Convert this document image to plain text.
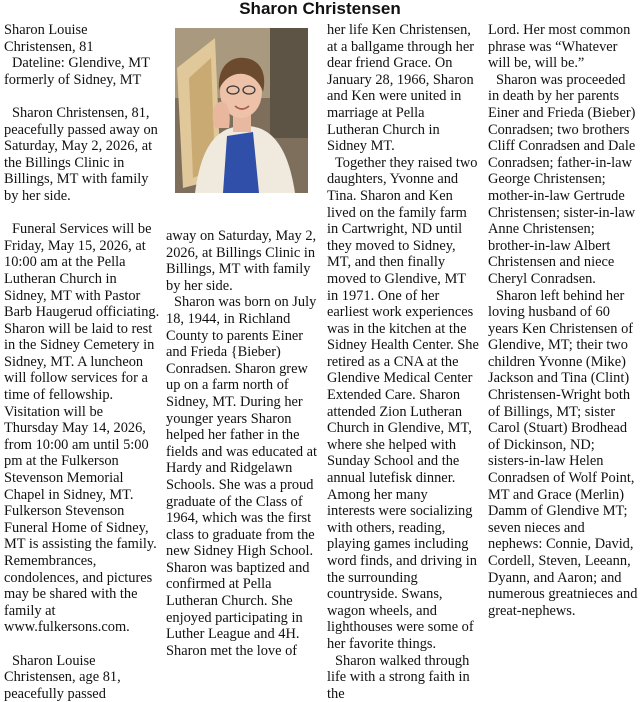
Sharon Christensen

Sharon Louise Christensen, 81

Dateline: Glendive, MT formerly of Sidney, MT

Sharon Christensen, 81, peacefully passed away on Saturday, May 2, 2026, at the Billings Clinic in Billings, MT with family by her side.

Funeral Services will be Friday, May 15, 2026, at 10:00 am at the Pella Lutheran Church in Sidney, MT with Pastor Barb Haugerud officiating. Sharon will be laid to rest in the Sidney Cemetery in Sidney, MT. A luncheon will follow services for a time of fellowship. Visitation will be Thursday May 14, 2026, from 10:00 am until 5:00 pm at the Fulkerson Stevenson Memorial Chapel in Sidney, MT. Fulkerson Stevenson Funeral Home of Sidney, MT is assisting the family. Remembrances, condolences, and pictures may be shared with the family at www.fulkersons.com.

Sharon Louise Christensen, age 81, peacefully passed

away on Saturday, May 2, 2026, at Billings Clinic in Billings, MT with family by her side.

Sharon was born on July 18, 1944, in Richland County to parents Einer and Frieda {Bieber) Conradsen. Sharon grew up on a farm north of Sidney, MT. During her younger years Sharon helped her father in the fields and was educated at Hardy and Ridgelawn Schools. She was a proud graduate of the Class of 1964, which was the first class to graduate from the new Sidney High School. Sharon was baptized and confirmed at Pella Lutheran Church. She enjoyed participating in Luther League and 4H. Sharon met the love of

her life Ken Christensen, at a ballgame through her dear friend Grace. On January 28, 1966, Sharon and Ken were united in marriage at Pella Lutheran Church in Sidney MT.

Together they raised two daughters, Yvonne and Tina. Sharon and Ken lived on the family farm in Cartwright, ND until they moved to Sidney, MT, and then finally moved to Glendive, MT in 1971. One of her earliest work experiences was in the kitchen at the Sidney Health Center. She retired as a CNA at the Glendive Medical Center Extended Care. Sharon attended Zion Lutheran Church in Glendive, MT, where she helped with Sunday School and the annual lutefisk dinner. Among her many interests were socializing with others, reading, playing games including word finds, and driving in the surrounding countryside. Swans, wagon wheels, and lighthouses were some of her favorite things.

Sharon walked through life with a strong faith in the

Lord. Her most common phrase was “Whatever will be, will be.”

Sharon was proceeded in death by her parents Einer and Frieda (Bieber) Conradsen; two brothers Cliff Conradsen and Dale Conradsen; father-in-law George Christensen; mother-in-law Gertrude Christensen; sister-in-law Anne Christensen; brother-in-law Albert Christensen and niece Cheryl Conradsen.

Sharon left behind her loving husband of 60 years Ken Christensen of Glendive, MT; their two children Yvonne (Mike) Jackson and Tina (Clint) Christensen-Wright both of Billings, MT; sister Carol (Stuart) Brodhead of Dickinson, ND; sisters-in-law Helen Conradsen of Wolf Point, MT and Grace (Merlin) Damm of Glendive MT; seven nieces and nephews: Connie, David, Cordell, Steven, Leeann, Dyann, and Aaron; and numerous greatnieces and great-nephews.
